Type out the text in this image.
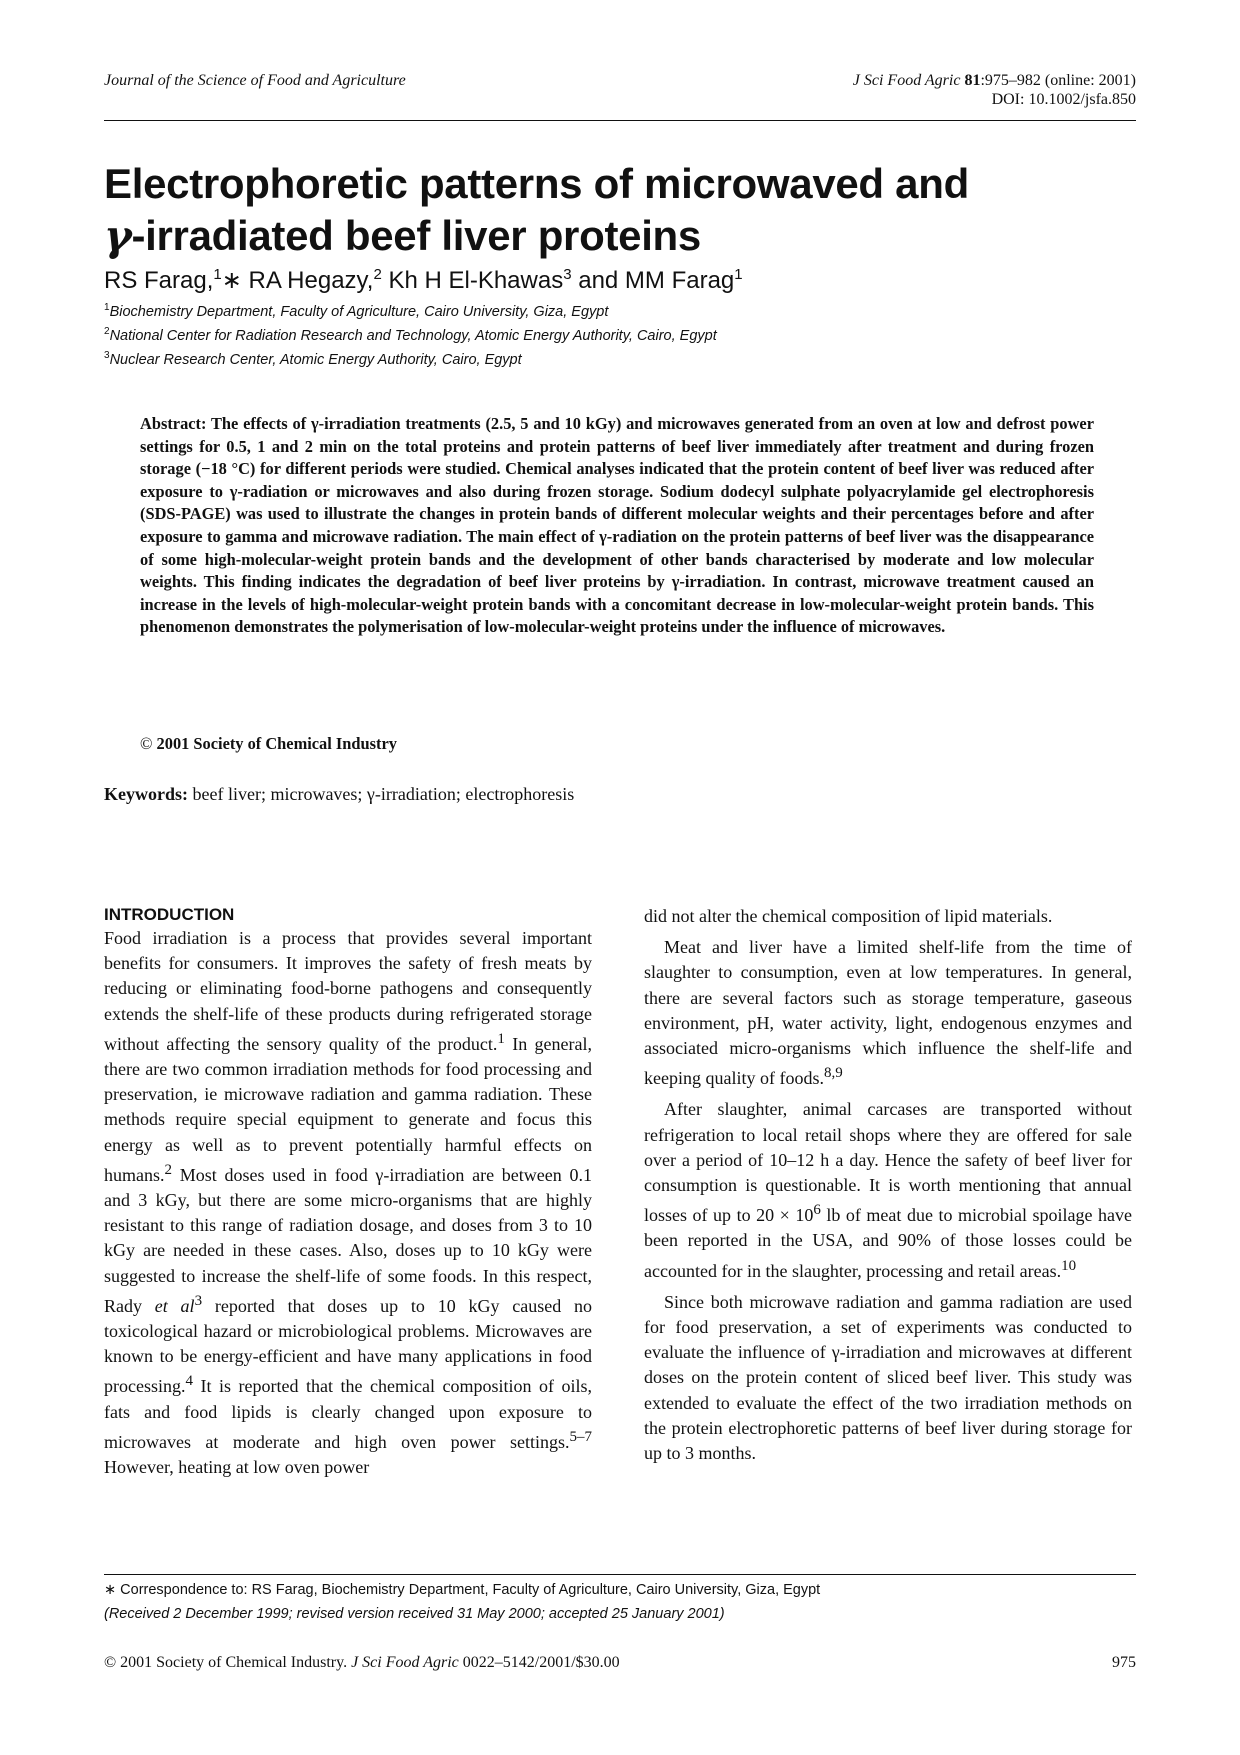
Journal of the Science of Food and Agriculture	J Sci Food Agric 81:975–982 (online: 2001)
DOI: 10.1002/jsfa.850
Electrophoretic patterns of microwaved and
γ-irradiated beef liver proteins
RS Farag,$^1$∗ RA Hegazy,$^2$ Kh H El-Khawas$^3$ and MM Farag$^1$
$^1$Biochemistry Department, Faculty of Agriculture, Cairo University, Giza, Egypt
$^2$National Center for Radiation Research and Technology, Atomic Energy Authority, Cairo, Egypt
$^3$Nuclear Research Center, Atomic Energy Authority, Cairo, Egypt
Abstract: The effects of γ-irradiation treatments (2.5, 5 and 10 kGy) and microwaves generated from an oven at low and defrost power settings for 0.5, 1 and 2 min on the total proteins and protein patterns of beef liver immediately after treatment and during frozen storage (−18 °C) for different periods were studied. Chemical analyses indicated that the protein content of beef liver was reduced after exposure to γ-radiation or microwaves and also during frozen storage. Sodium dodecyl sulphate polyacrylamide gel electrophoresis (SDS-PAGE) was used to illustrate the changes in protein bands of different molecular weights and their percentages before and after exposure to gamma and microwave radiation. The main effect of γ-radiation on the protein patterns of beef liver was the disappearance of some high-molecular-weight protein bands and the development of other bands characterised by moderate and low molecular weights. This finding indicates the degradation of beef liver proteins by γ-irradiation. In contrast, microwave treatment caused an increase in the levels of high-molecular-weight protein bands with a concomitant decrease in low-molecular-weight protein bands. This phenomenon demonstrates the polymerisation of low-molecular-weight proteins under the influence of microwaves.
© 2001 Society of Chemical Industry
Keywords: beef liver; microwaves; γ-irradiation; electrophoresis
INTRODUCTION

Food irradiation is a process that provides several important benefits for consumers. It improves the safety of fresh meats by reducing or eliminating food-borne pathogens and consequently extends the shelf-life of these products during refrigerated storage without affecting the sensory quality of the product.$^1$ In general, there are two common irradiation methods for food processing and preservation, ie microwave radiation and gamma radiation. These methods require special equipment to generate and focus this energy as well as to prevent potentially harmful effects on humans.$^2$ Most doses used in food γ-irradiation are between 0.1 and 3 kGy, but there are some micro-organisms that are highly resistant to this range of radiation dosage, and doses from 3 to 10 kGy are needed in these cases. Also, doses up to 10 kGy were suggested to increase the shelf-life of some foods. In this respect, Rady et $al^3$ reported that doses up to 10 kGy caused no toxicological hazard or microbiological problems. Microwaves are known to be energy-efficient and have many applications in food processing.$^4$ It is reported that the chemical composition of oils, fats and food lipids is clearly changed upon exposure to microwaves at moderate and high oven power settings.$^{5-7}$ However, heating at low oven power

did not alter the chemical composition of lipid materials.

Meat and liver have a limited shelf-life from the time of slaughter to consumption, even at low temperatures. In general, there are several factors such as storage temperature, gaseous environment, pH, water activity, light, endogenous enzymes and associated micro-organisms which influence the shelf-life and keeping quality of foods.$^{8,9}$

After slaughter, animal carcases are transported without refrigeration to local retail shops where they are offered for sale over a period of 10–12 h a day. Hence the safety of beef liver for consumption is questionable. It is worth mentioning that annual losses of up to $20 \times 10^6$ lb of meat due to microbial spoilage have been reported in the USA, and 90% of those losses could be accounted for in the slaughter, processing and retail areas.$^{10}$

Since both microwave radiation and gamma radiation are used for food preservation, a set of experiments was conducted to evaluate the influence of γ-irradiation and microwaves at different doses on the protein content of sliced beef liver. This study was extended to evaluate the effect of the two irradiation methods on the protein electrophoretic patterns of beef liver during storage for up to 3 months.

∗ Correspondence to: RS Farag, Biochemistry Department, Faculty of Agriculture, Cairo University, Giza, Egypt
(Received 2 December 1999; revised version received 31 May 2000; accepted 25 January 2001)
© 2001 Society of Chemical Industry. J Sci Food Agric 0022–5142/2001/$30.00	975
